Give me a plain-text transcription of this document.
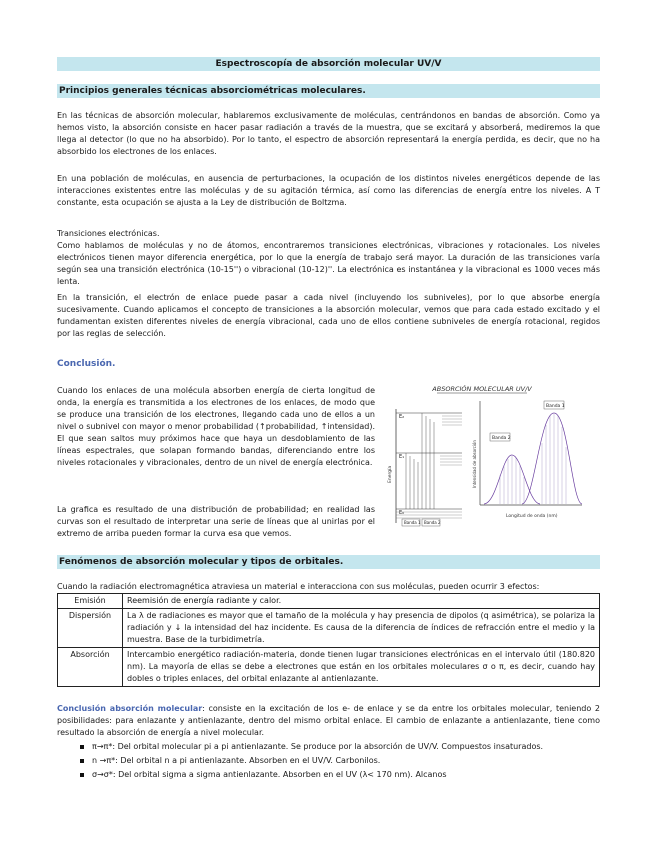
Espectroscopía de absorción molecular UV/V
Principios generales técnicas absorciométricas moleculares.

En las técnicas de absorción molecular, hablaremos exclusivamente de moléculas, centrándonos en bandas de absorción. Como ya hemos visto, la absorción consiste en hacer pasar radiación a través de la muestra, que se excitará y absorberá, mediremos la que llega al detector (lo que no ha absorbido). Por lo tanto, el espectro de absorción representará la energía perdida, es decir, que no ha absorbido los electrones de los enlaces.

En una población de moléculas, en ausencia de perturbaciones, la ocupación de los distintos niveles energéticos depende de las interacciones existentes entre las moléculas y de su agitación térmica, así como las diferencias de energía entre los niveles. A T constante, esta ocupación se ajusta a la Ley de distribución de Boltzma.

Transiciones electrónicas.

Como hablamos de moléculas y no de átomos, encontraremos transiciones electrónicas, vibraciones y rotacionales. Los niveles electrónicos tienen mayor diferencia energética, por lo que la energía de trabajo será mayor. La duración de las transiciones varía según sea una transición electrónica (10-15'') o vibracional (10-12)''. La electrónica es instantánea y la vibracional es 1000 veces más lenta.

En la transición, el electrón de enlace puede pasar a cada nivel (incluyendo los subniveles), por lo que absorbe energía sucesivamente. Cuando aplicamos el concepto de transiciones a la absorción molecular, vemos que para cada estado excitado y el fundamentan existen diferentes niveles de energía vibracional, cada uno de ellos contiene subniveles de energía rotacional, regidos por las reglas de selección.

Conclusión.

Cuando los enlaces de una molécula absorben energía de cierta longitud de onda, la energía es transmitida a los electrones de los enlaces, de modo que se produce una transición de los electrones, llegando cada uno de ellos a un nivel o subnivel con mayor o menor probabilidad (↑probabilidad, ↑intensidad). El que sean saltos muy próximos hace que haya un desdoblamiento de las líneas espectrales, que solapan formando bandas, diferenciando entre los niveles rotacionales y vibracionales, dentro de un nivel de energía electrónica.

La grafica es resultado de una distribución de probabilidad; en realidad las curvas son el resultado de interpretar una serie de líneas que al unirlas por el extremo de arriba pueden formar la curva esa que vemos.

ABSORCIÓN MOLECULAR UV/V
Energía
E₂
E₁
E₀
Banda 1 Banda 2
Intensidad de absorción
Longitud de onda (nm)
Banda 2
Banda 1
Fenómenos de absorción molecular y tipos de orbitales.

Cuando la radiación electromagnética atraviesa un material e interacciona con sus moléculas, pueden ocurrir 3 efectos:

Emisión	Reemisión de energía radiante y calor.
Dispersión	La λ de radiaciones es mayor que el tamaño de la molécula y hay presencia de dipolos (q asimétrica), se polariza la radiación y ↓ la intensidad del haz incidente. Es causa de la diferencia de índices de refracción entre el medio y la muestra. Base de la turbidimetría.
Absorción	Intercambio energético radiación-materia, donde tienen lugar transiciones electrónicas en el intervalo útil (180.820 nm). La mayoría de ellas se debe a electrones que están en los orbitales moleculares σ o π, es decir, cuando hay dobles o triples enlaces, del orbital enlazante al antienlazante.

Conclusión absorción molecular: consiste en la excitación de los e- de enlace y se da entre los orbitales molecular, teniendo 2 posibilidades: para enlazante y antienlazante, dentro del mismo orbital enlace. El cambio de enlazante a antienlazante, tiene como resultado la absorción de energía a nivel molecular.

π→π*: Del orbital molecular pi a pi antienlazante. Se produce por la absorción de UV/V. Compuestos insaturados.
n →π*: Del orbital n a pi antienlazante. Absorben en el UV/V. Carbonilos.
σ→σ*: Del orbital sigma a sigma antienlazante. Absorben en el UV (λ< 170 nm). Alcanos
